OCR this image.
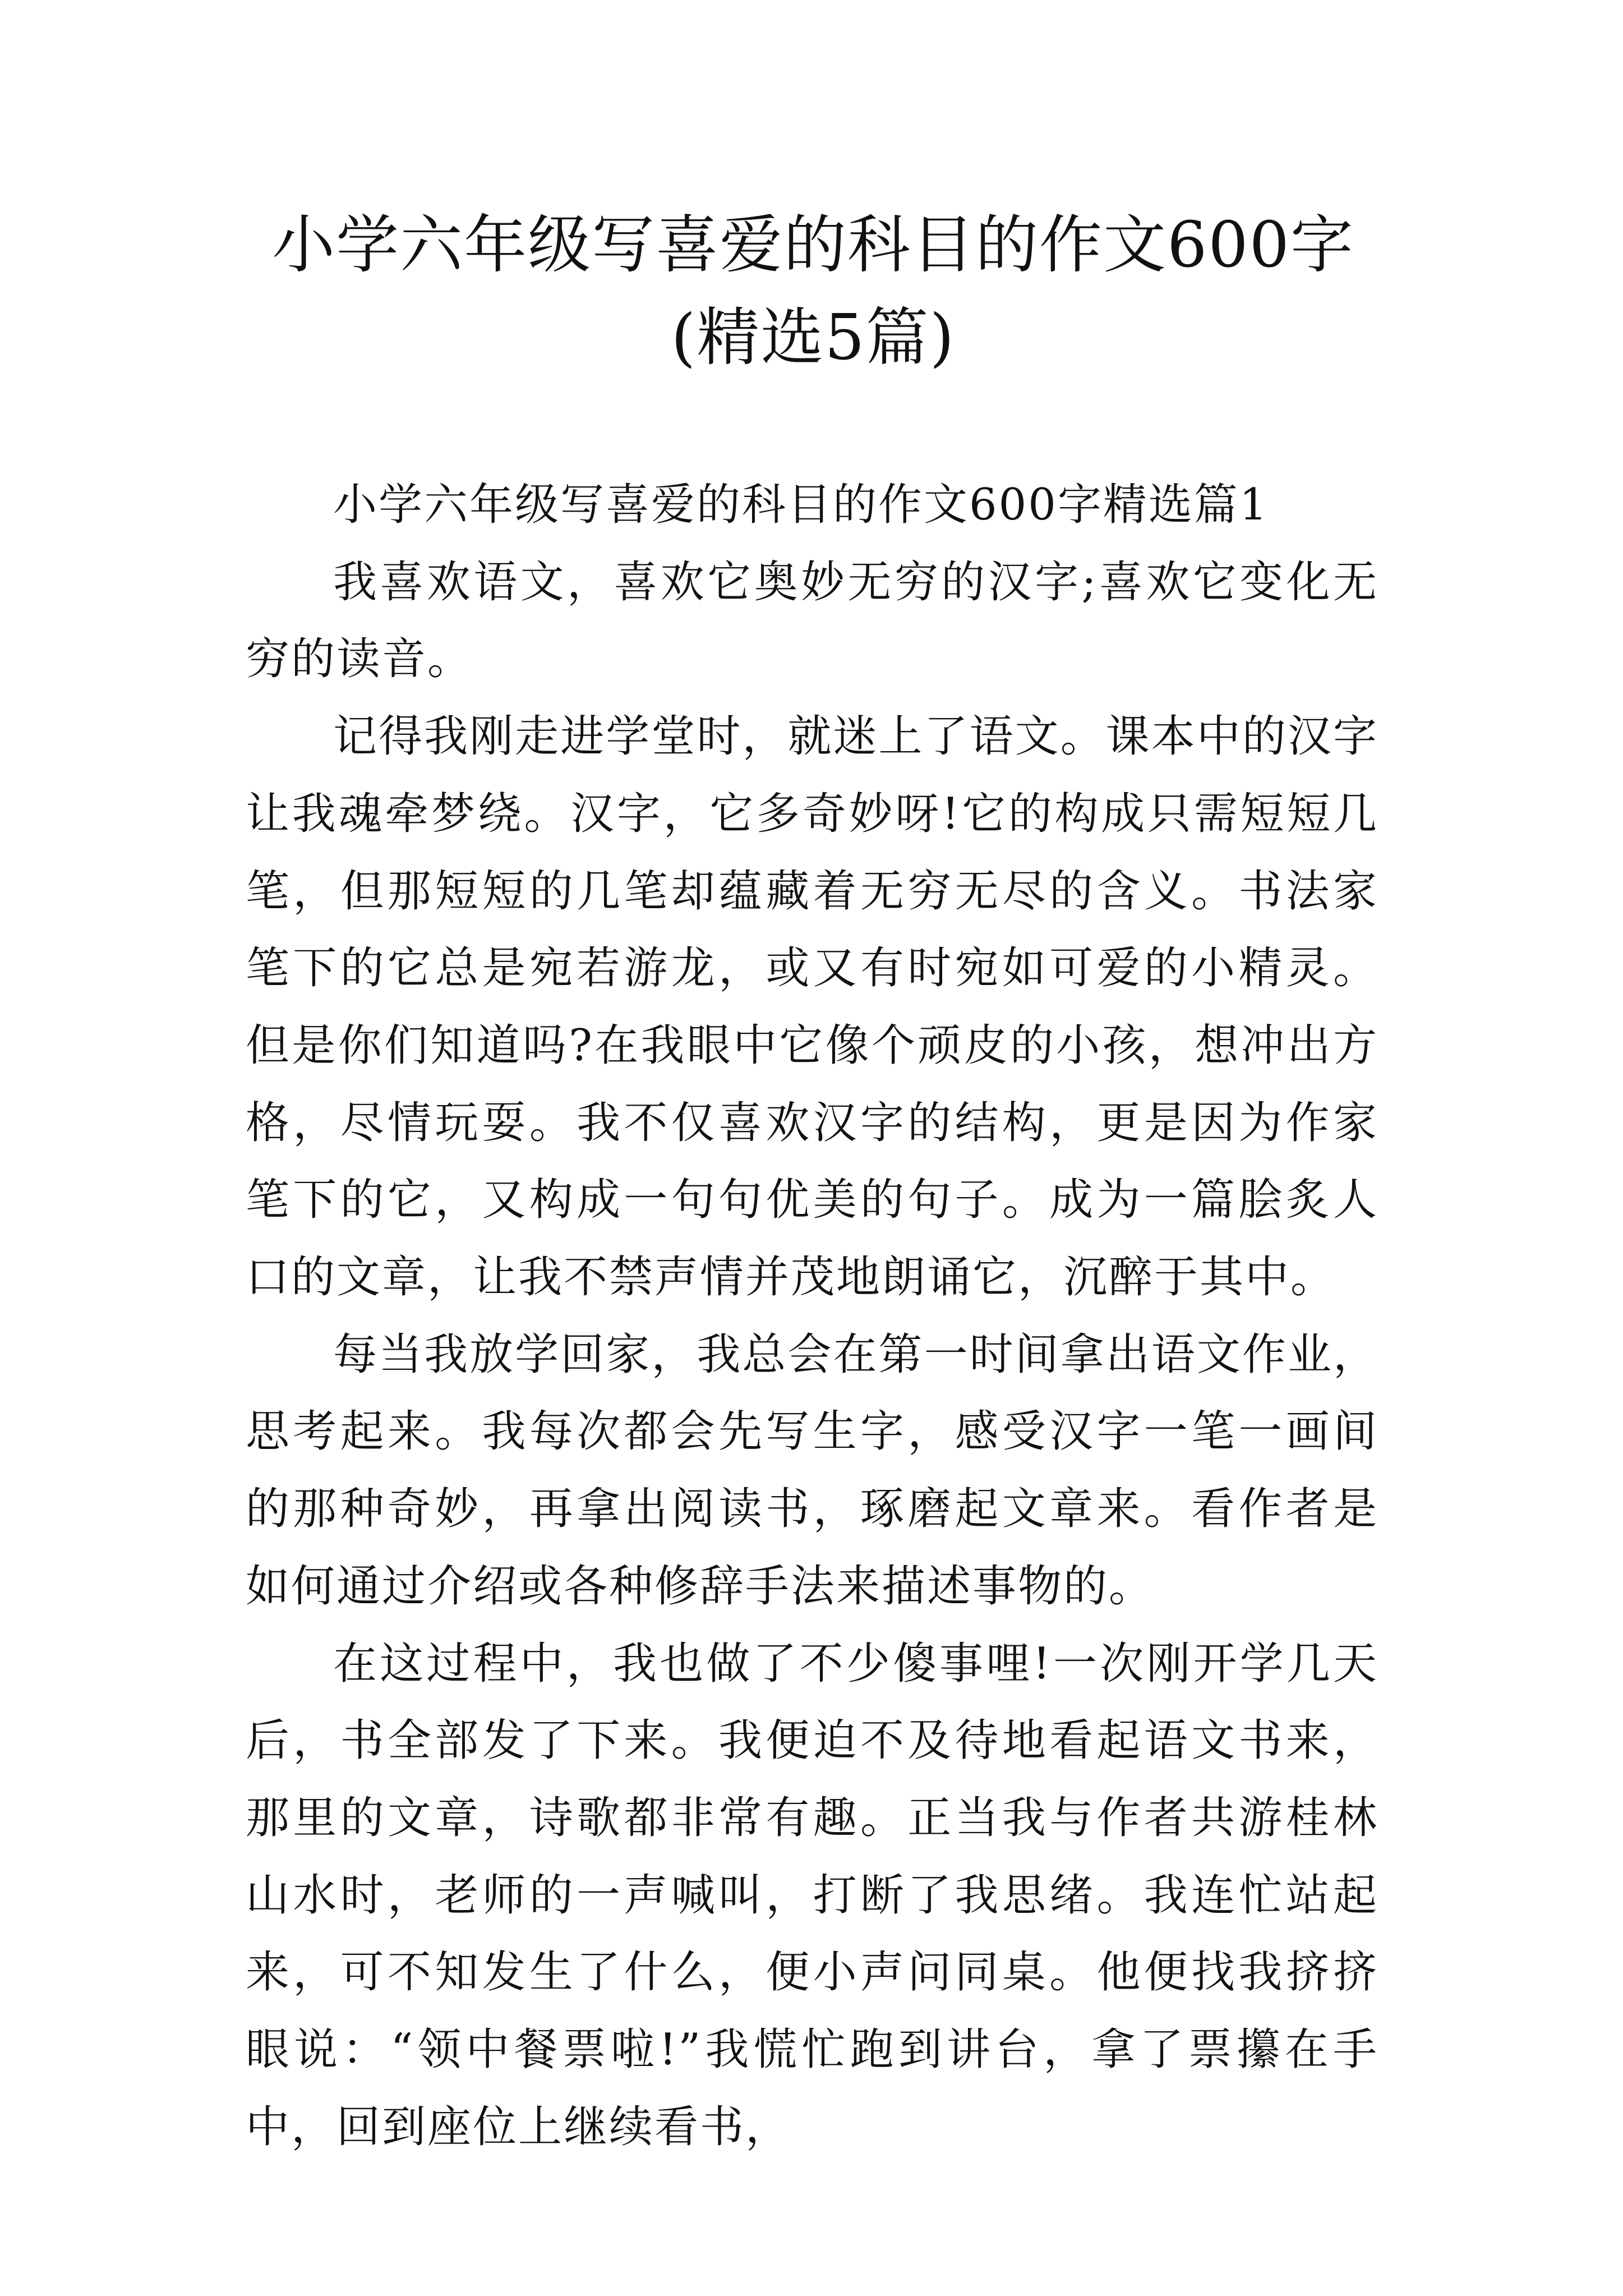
小学六年级写喜爱的科目的作文600字(精选5篇)

小学六年级写喜爱的科目的作文600字精选篇1

我喜欢语文，喜欢它奥妙无穷的汉字;喜欢它变化无穷的读音。

记得我刚走进学堂时，就迷上了语文。课本中的汉字让我魂牵梦绕。汉字，它多奇妙呀!它的构成只需短短几笔，但那短短的几笔却蕴藏着无穷无尽的含义。书法家笔下的它总是宛若游龙，或又有时宛如可爱的小精灵。但是你们知道吗?在我眼中它像个顽皮的小孩，想冲出方格，尽情玩耍。我不仅喜欢汉字的结构，更是因为作家笔下的它，又构成一句句优美的句子。成为一篇脍炙人口的文章，让我不禁声情并茂地朗诵它，沉醉于其中。

每当我放学回家，我总会在第一时间拿出语文作业，思考起来。我每次都会先写生字，感受汉字一笔一画间的那种奇妙，再拿出阅读书，琢磨起文章来。看作者是如何通过介绍或各种修辞手法来描述事物的。

在这过程中，我也做了不少傻事哩!一次刚开学几天后，书全部发了下来。我便迫不及待地看起语文书来，那里的文章，诗歌都非常有趣。正当我与作者共游桂林山水时，老师的一声喊叫，打断了我思绪。我连忙站起来，可不知发生了什么，便小声问同桌。他便找我挤挤眼说：“领中餐票啦!”我慌忙跑到讲台，拿了票攥在手中，回到座位上继续看书，
